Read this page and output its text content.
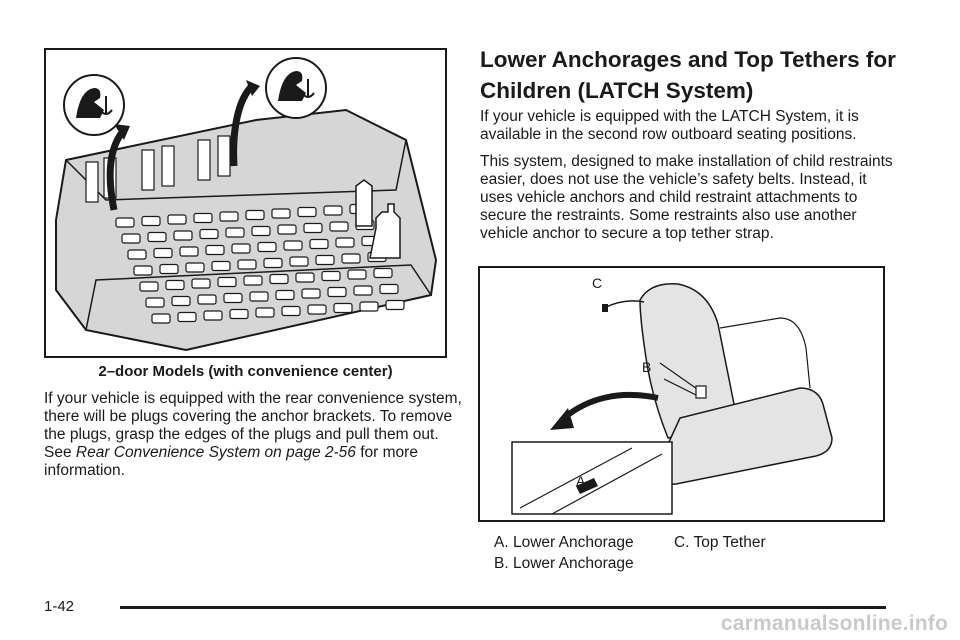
2–door Models (with convenience center)

If your vehicle is equipped with the rear convenience system, there will be plugs covering the anchor brackets. To remove the plugs, grasp the edges of the plugs and pull them out. See Rear Convenience System on page 2-56 for more information.

Lower Anchorages and Top Tethers for Children (LATCH System)

If your vehicle is equipped with the LATCH System, it is available in the second row outboard seating positions.

This system, designed to make installation of child restraints easier, does not use the vehicle’s safety belts. Instead, it uses vehicle anchors and child restraint attachments to secure the restraints. Some restraints also use another vehicle anchor to secure a top tether strap.

C
B
A
A. Lower Anchorage	C. Top Tether
B. Lower Anchorage
1-42
carmanualsonline.info
